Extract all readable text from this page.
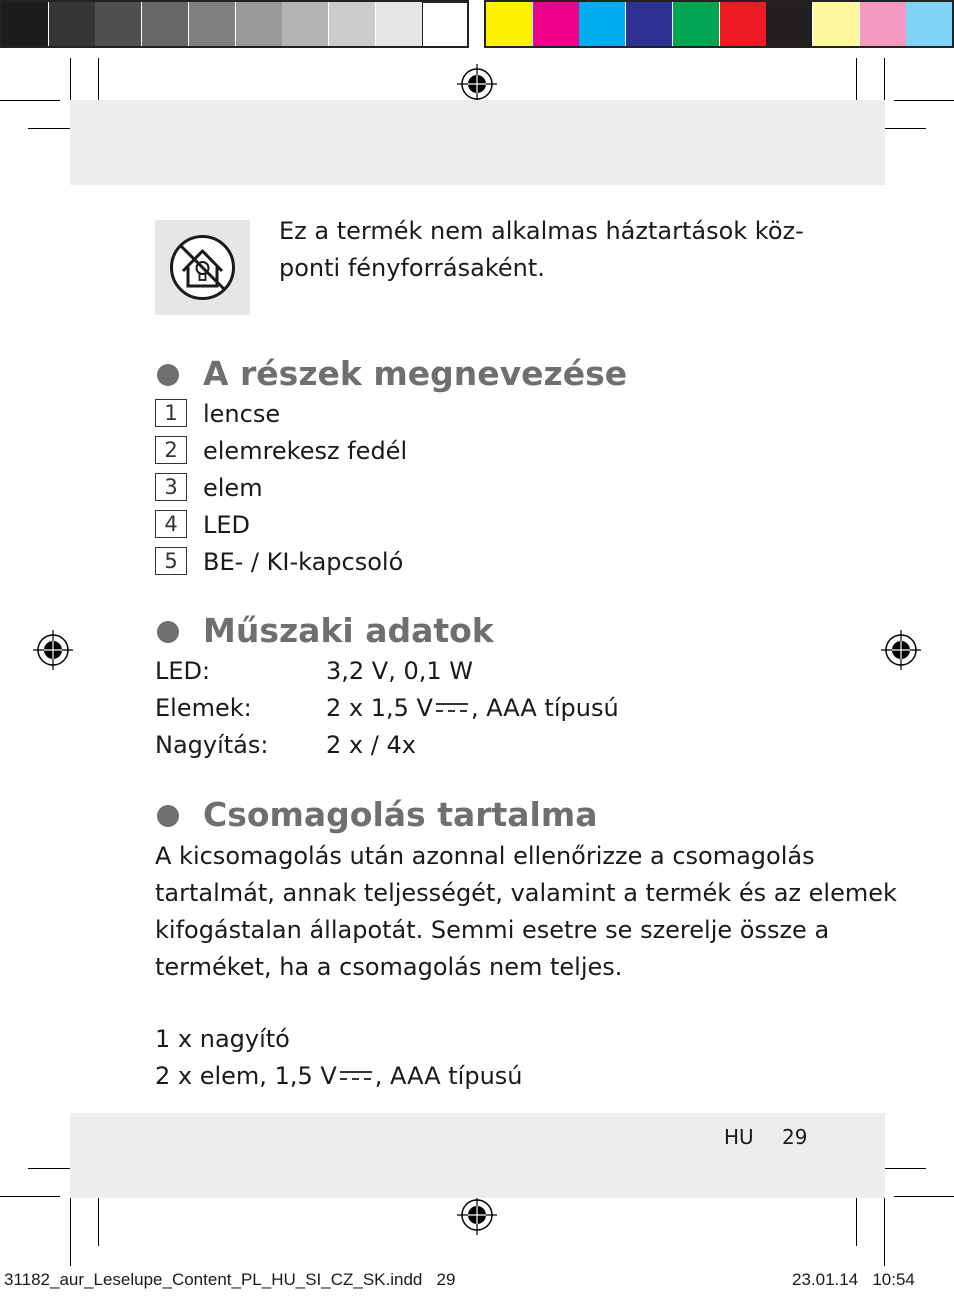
Ez a termék nem alkalmas háztartások köz-
ponti fényforrásaként.
A részek megnevezése
1	lencse
2	elemrekesz fedél
3	elem
4	LED
5	BE- / KI-kapcsoló
Műszaki adatok
LED:	3,2 V, 0,1 W
Elemek:	2 x 1,5 V , AAA típusú
Nagyítás: 2 x / 4x
Csomagolás tartalma
A kicsomagolás után azonnal ellenőrizze a csomagolás
tartalmát, annak teljességét, valamint a termék és az elemek
kifogástalan állapotát. Semmi esetre se szerelje össze a
terméket, ha a csomagolás nem teljes.
1 x nagyító
2 x elem, 1,5 V , AAA típusú
HU 29
31182_aur_Leselupe_Content_PL_HU_SI_CZ_SK.indd   29	23.01.14   10:54
